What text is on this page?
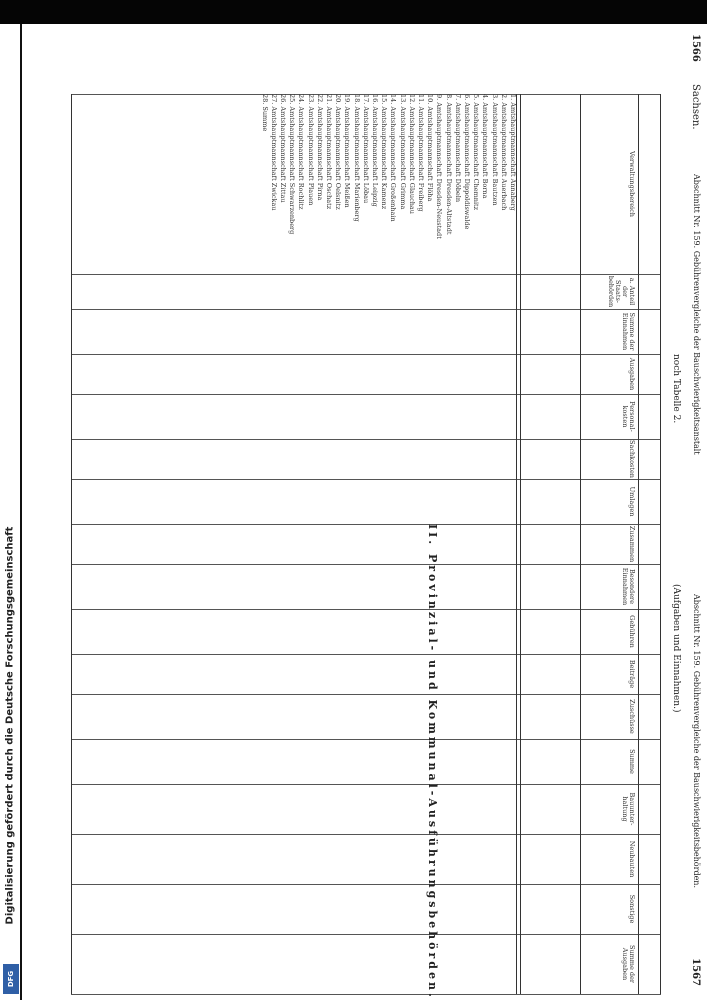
1566
Sachsen.
Abschnitt Nr. 159. Gebührenvergleiche der Bauschwierigkeitsanstalt
Abschnitt Nr. 159. Gebührenvergleiche der Bauschwierigkeitsbehörden.
1567
noch Tabelle 2.
(Aufgaben und Einnahmen.)
Verwaltungsbereich
a. Anteil der Staatsbehörden
Summe der Einnahmen
Ausgaben
Personalkosten
Sachkosten
Umlagen
Zusammen
Besondere Einnahmen
Gebühren
Beiträge
Zuschüsse
Summe
Bauunterhaltung
Neubauten
Sonstige
Summe der Ausgaben
II. Provinzial- und Kommunal-Ausführungsbehörden.
1. Amtshauptmannschaft Annaberg
2. Amtshauptmannschaft Auerbach
3. Amtshauptmannschaft Bautzen
4. Amtshauptmannschaft Borna
5. Amtshauptmannschaft Chemnitz
6. Amtshauptmannschaft Dippoldiswalde
7. Amtshauptmannschaft Döbeln
8. Amtshauptmannschaft Dresden-Altstadt
9. Amtshauptmannschaft Dresden-Neustadt
10. Amtshauptmannschaft Flöha
11. Amtshauptmannschaft Freiberg
12. Amtshauptmannschaft Glauchau
13. Amtshauptmannschaft Grimma
14. Amtshauptmannschaft Großenhain
15. Amtshauptmannschaft Kamenz
16. Amtshauptmannschaft Leipzig
17. Amtshauptmannschaft Löbau
18. Amtshauptmannschaft Marienberg
19. Amtshauptmannschaft Meißen
20. Amtshauptmannschaft Oelsnitz
21. Amtshauptmannschaft Oschatz
22. Amtshauptmannschaft Pirna
23. Amtshauptmannschaft Plauen
24. Amtshauptmannschaft Rochlitz
25. Amtshauptmannschaft Schwarzenberg
26. Amtshauptmannschaft Zittau
27. Amtshauptmannschaft Zwickau
28. Summe
Digitalisierung gefördert durch die Deutsche Forschungsgemeinschaft
DFG
